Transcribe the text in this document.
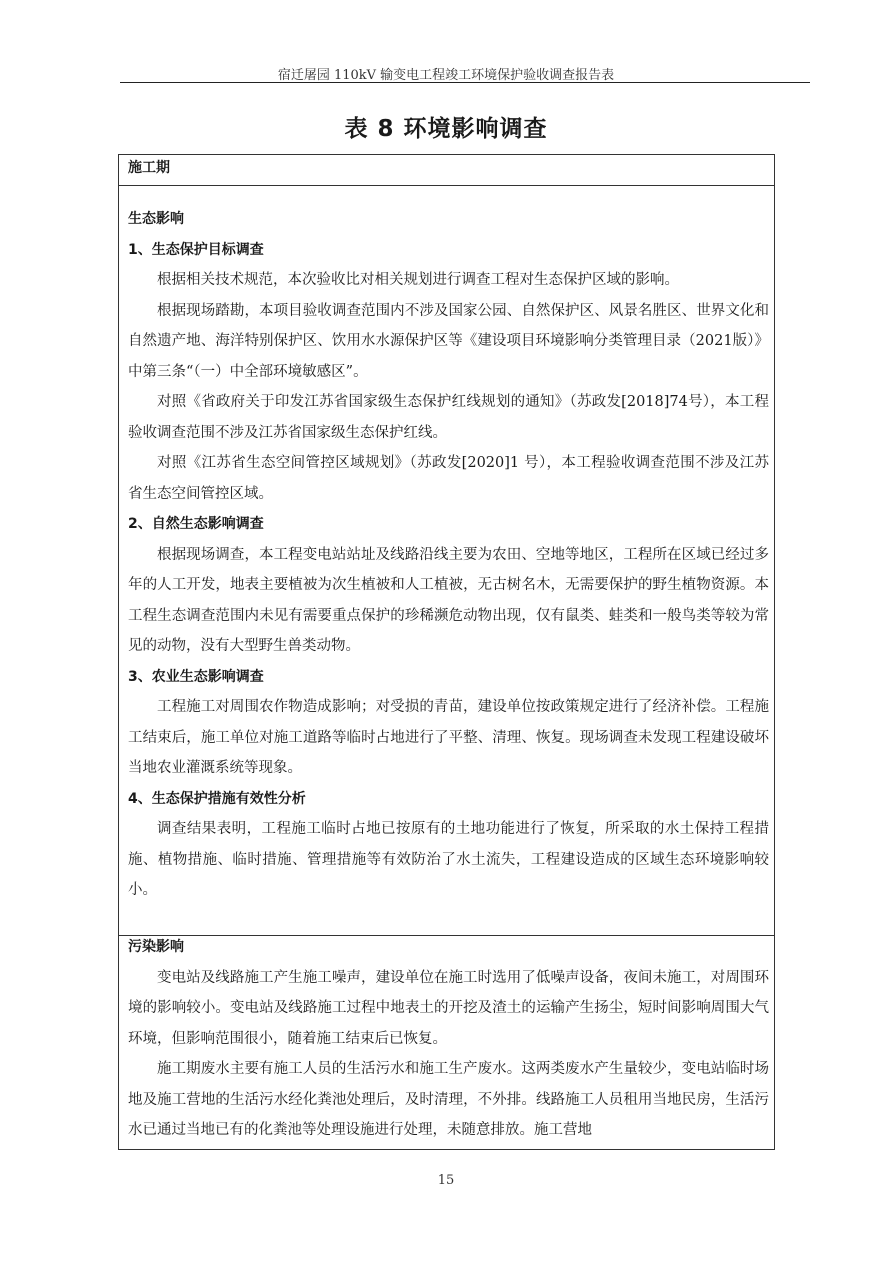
宿迁屠园 110kV 输变电工程竣工环境保护验收调查报告表
表 8 环境影响调查
施工期
生态影响
1、生态保护目标调查

根据相关技术规范，本次验收比对相关规划进行调查工程对生态保护区域的影响。

根据现场踏勘，本项目验收调查范围内不涉及国家公园、自然保护区、风景名胜区、世界文化和自然遗产地、海洋特别保护区、饮用水水源保护区等《建设项目环境影响分类管理目录（2021版）》中第三条“（一）中全部环境敏感区”。

对照《省政府关于印发江苏省国家级生态保护红线规划的通知》（苏政发[2018]74号），本工程验收调查范围不涉及江苏省国家级生态保护红线。

对照《江苏省生态空间管控区域规划》（苏政发[2020]1 号），本工程验收调查范围不涉及江苏省生态空间管控区域。

2、自然生态影响调查

根据现场调查，本工程变电站站址及线路沿线主要为农田、空地等地区，工程所在区域已经过多年的人工开发，地表主要植被为次生植被和人工植被，无古树名木，无需要保护的野生植物资源。本工程生态调查范围内未见有需要重点保护的珍稀濒危动物出现，仅有鼠类、蛙类和一般鸟类等较为常见的动物，没有大型野生兽类动物。

3、农业生态影响调查

工程施工对周围农作物造成影响；对受损的青苗，建设单位按政策规定进行了经济补偿。工程施工结束后，施工单位对施工道路等临时占地进行了平整、清理、恢复。现场调查未发现工程建设破坏当地农业灌溉系统等现象。

4、生态保护措施有效性分析

调查结果表明，工程施工临时占地已按原有的土地功能进行了恢复，所采取的水土保持工程措施、植物措施、临时措施、管理措施等有效防治了水土流失，工程建设造成的区域生态环境影响较小。

污染影响

变电站及线路施工产生施工噪声，建设单位在施工时选用了低噪声设备，夜间未施工，对周围环境的影响较小。变电站及线路施工过程中地表土的开挖及渣土的运输产生扬尘，短时间影响周围大气环境，但影响范围很小，随着施工结束后已恢复。

施工期废水主要有施工人员的生活污水和施工生产废水。这两类废水产生量较少，变电站临时场地及施工营地的生活污水经化粪池处理后，及时清理，不外排。线路施工人员租用当地民房，生活污水已通过当地已有的化粪池等处理设施进行处理，未随意排放。施工营地

15
